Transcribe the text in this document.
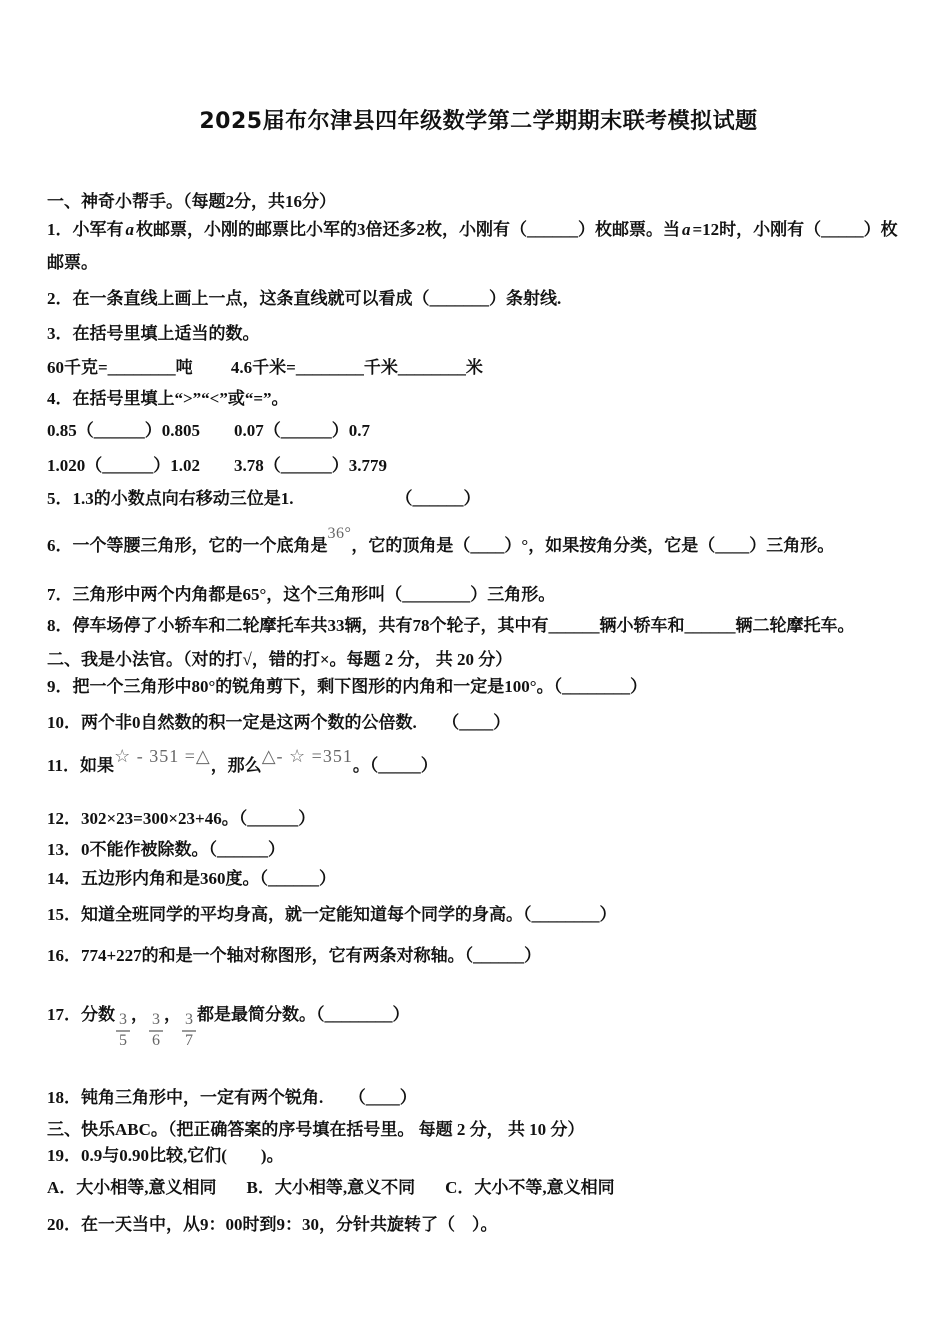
2025届布尔津县四年级数学第二学期期末联考模拟试题

一、神奇小帮手。（每题2分，共16分）

1．小军有 a 枚邮票，小刚的邮票比小军的3倍还多2枚，小刚有（______）枚邮票。当 a =12时，小刚有（_____）枚

邮票。

2．在一条直线上画上一点，这条直线就可以看成（_______）条射线.

3．在括号里填上适当的数。

60千克=________吨　　 4.6千米=________千米________米

4．在括号里填上“>”“<”或“=”。

0.85（______）0.805　　0.07（______）0.7

1.020（______）1.02　　3.78（______）3.779

5．1.3的小数点向右移动三位是1.	（______）

6．一个等腰三角形，它的一个底角是36°，它的顶角是（____）°，如果按角分类，它是（____）三角形。

7．三角形中两个内角都是65°，这个三角形叫（________）三角形。

8．停车场停了小轿车和二轮摩托车共33辆，共有78个轮子，其中有______辆小轿车和______辆二轮摩托车。

二、我是小法官。（对的打√，错的打×。每题 2 分， 共 20 分）

9．把一个三角形中80°的锐角剪下，剩下图形的内角和一定是100°。（________）

10．两个非0自然数的积一定是这两个数的公倍数.　　（____）

11．如果☆ - 351 =△，那么△- ☆ =351。（_____）

12．302×23=300×23+46。（______）

13．0不能作被除数。（______）

14．五边形内角和是360度。（______）

15．知道全班同学的平均身高，就一定能知道每个同学的身高。（________）

16．774+227的和是一个轴对称图形，它有两条对称轴。（______）

17．分数 $\frac{3}{5}$ ， $\frac{3}{6}$ ， $\frac{3}{7}$ 都是最简分数。（________）

18．钝角三角形中，一定有两个锐角.　　（____）

三、快乐ABC。（把正确答案的序号填在括号里。 每题 2 分， 共 10 分）

19．0.9与0.90比较,它们(　　)。

A．大小相等,意义相同 B．大小相等,意义不同 C．大小不等,意义相同

20．在一天当中，从9：00时到9：30，分针共旋转了（　）。
